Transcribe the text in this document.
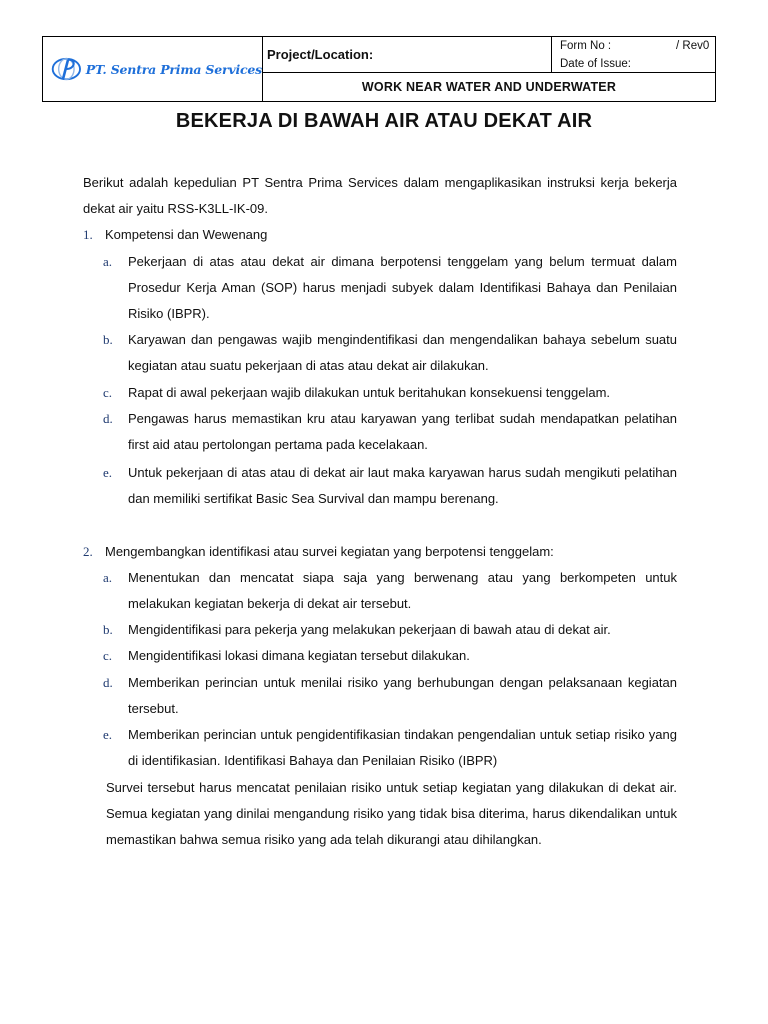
PT. Sentra Prima Services
Project/Location:
Form No :	/ Rev0
Date of Issue:
WORK NEAR WATER AND UNDERWATER
BEKERJA DI BAWAH AIR ATAU DEKAT AIR
Berikut adalah kepedulian PT Sentra Prima Services dalam mengaplikasikan instruksi kerja bekerja dekat air yaitu RSS-K3LL-IK-09.
1. Kompetensi dan Wewenang
a. Pekerjaan di atas atau dekat air dimana berpotensi tenggelam yang belum termuat dalam Prosedur Kerja Aman (SOP) harus menjadi subyek dalam Identifikasi Bahaya dan Penilaian Risiko (IBPR).
b. Karyawan dan pengawas wajib mengindentifikasi dan mengendalikan bahaya sebelum suatu kegiatan atau suatu pekerjaan di atas atau dekat air dilakukan.
c. Rapat di awal pekerjaan wajib dilakukan untuk beritahukan konsekuensi tenggelam.
d. Pengawas harus memastikan kru atau karyawan yang terlibat sudah mendapatkan pelatihan first aid atau pertolongan pertama pada kecelakaan.
e. Untuk pekerjaan di atas atau di dekat air laut maka karyawan harus sudah mengikuti pelatihan dan memiliki sertifikat Basic Sea Survival dan mampu berenang.
2. Mengembangkan identifikasi atau survei kegiatan yang berpotensi tenggelam:
a. Menentukan dan mencatat siapa saja yang berwenang atau yang berkompeten untuk melakukan kegiatan bekerja di dekat air tersebut.
b. Mengidentifikasi para pekerja yang melakukan pekerjaan di bawah atau di dekat air.
c. Mengidentifikasi lokasi dimana kegiatan tersebut dilakukan.
d. Memberikan perincian untuk menilai risiko yang berhubungan dengan pelaksanaan kegiatan tersebut.
e. Memberikan perincian untuk pengidentifikasian tindakan pengendalian untuk setiap risiko yang di identifikasian. Identifikasi Bahaya dan Penilaian Risiko (IBPR)
Survei tersebut harus mencatat penilaian risiko untuk setiap kegiatan yang dilakukan di dekat air. Semua kegiatan yang dinilai mengandung risiko yang tidak bisa diterima, harus dikendalikan untuk memastikan bahwa semua risiko yang ada telah dikurangi atau dihilangkan.
